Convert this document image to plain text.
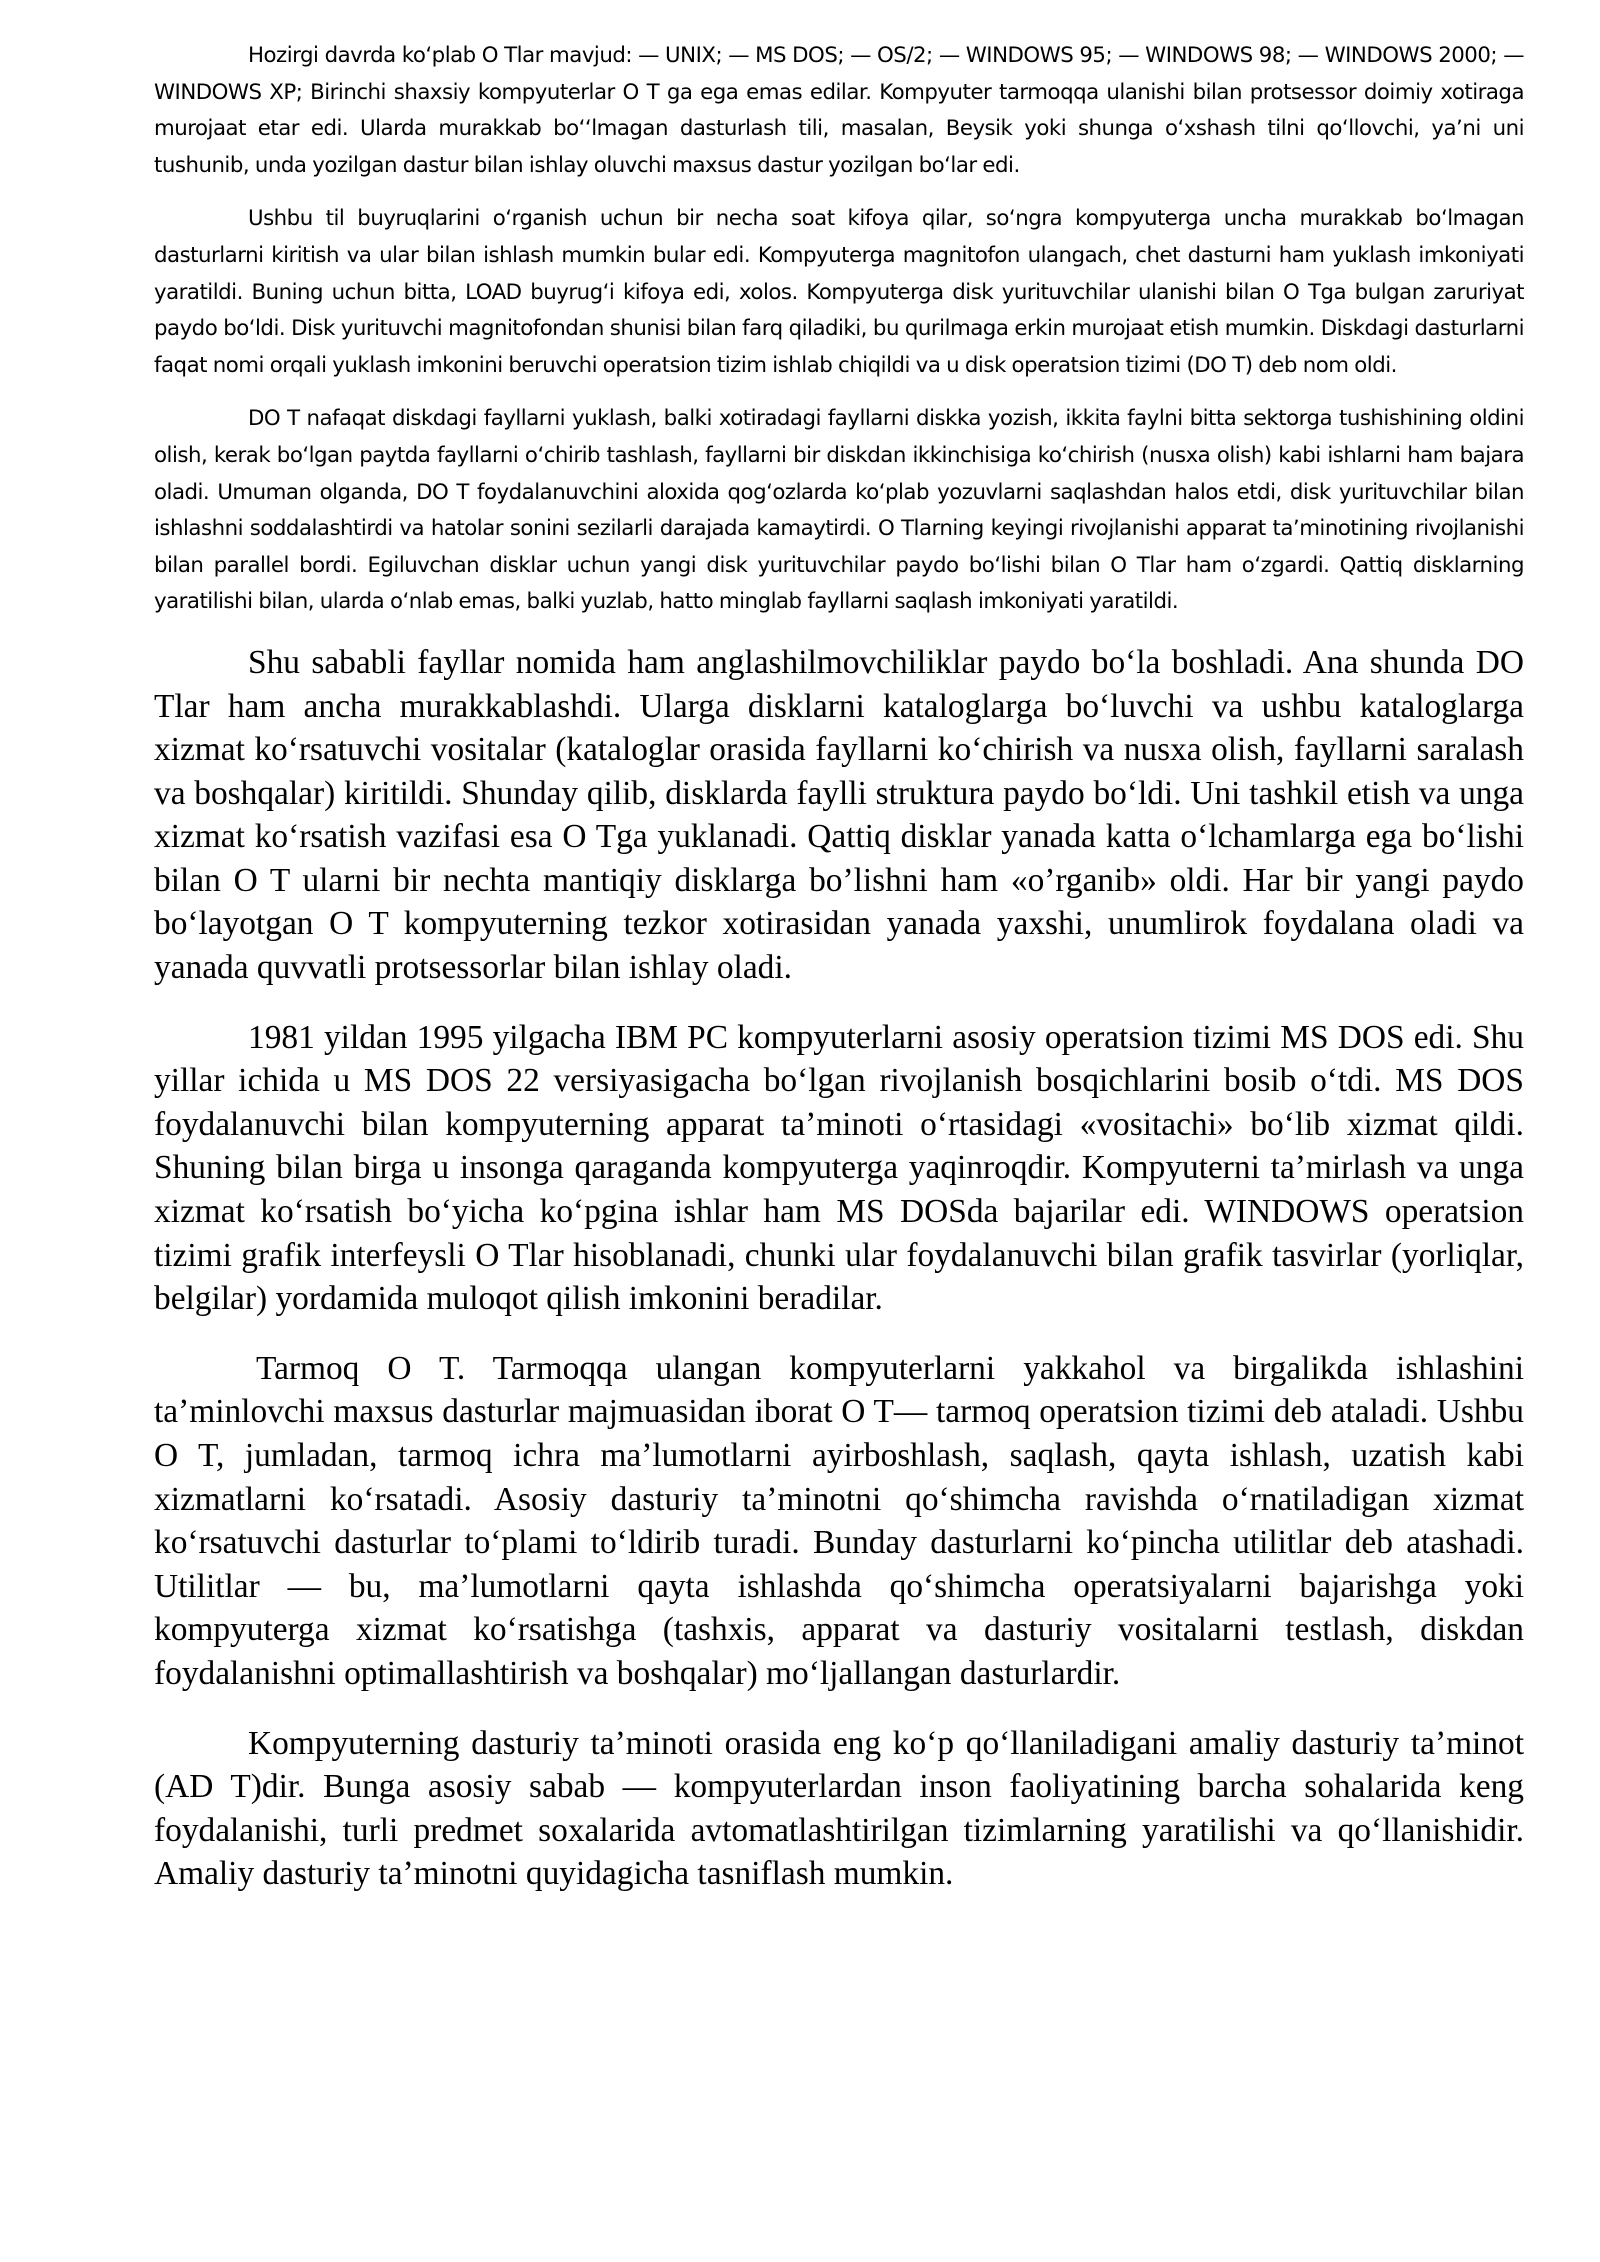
Hozirgi davrda koʻplab O Tlar mavjud: — UNIX; — MS DOS; — OS/2; — WINDOWS 95; — WINDOWS 98; — WINDOWS 2000; — WINDOWS XP; Birinchi shaxsiy kompyuterlar O T ga ega emas edilar. Kompyuter tarmoqqa ulanishi bilan protsessor doimiy xotiraga murojaat etar edi. Ularda murakkab boʻʻlmagan dasturlash tili, masalan, Beysik yoki shunga oʻxshash tilni qoʻllovchi, yaʼni uni tushunib, unda yozilgan dastur bilan ishlay oluvchi maxsus dastur yozilgan boʻlar edi.

Ushbu til buyruqlarini oʻrganish uchun bir necha soat kifoya qilar, soʻngra kompyuterga uncha murakkab boʻlmagan dasturlarni kiritish va ular bilan ishlash mumkin bular edi. Kompyuterga magnitofon ulangach, chet dasturni ham yuklash imkoniyati yaratildi. Buning uchun bitta, LOAD buyrugʻi kifoya edi, xolos. Kompyuterga disk yurituvchilar ulanishi bilan O Tga bulgan zaruriyat paydo boʻldi. Disk yurituvchi magnitofondan shunisi bilan farq qiladiki, bu qurilmaga erkin murojaat etish mumkin. Diskdagi dasturlarni faqat nomi orqali yuklash imkonini beruvchi operatsion tizim ishlab chiqildi va u disk operatsion tizimi (DO T) deb nom oldi.

DO T nafaqat diskdagi fayllarni yuklash, balki xotiradagi fayllarni diskka yozish, ikkita faylni bitta sektorga tushishining oldini olish, kerak boʻlgan paytda fayllarni oʻchirib tashlash, fayllarni bir diskdan ikkinchisiga koʻchirish (nusxa olish) kabi ishlarni ham bajara oladi. Umuman olganda, DO T foydalanuvchini aloxida qogʻozlarda koʻplab yozuvlarni saqlashdan halos etdi, disk yurituvchilar bilan ishlashni soddalashtirdi va hatolar sonini sezilarli darajada kamaytirdi. O Tlarning keyingi rivojlanishi apparat taʼminotining rivojlanishi bilan parallel bordi. Egiluvchan disklar uchun yangi disk yurituvchilar paydo boʻlishi bilan O Tlar ham oʻzgardi. Qattiq disklarning yaratilishi bilan, ularda oʻnlab emas, balki yuzlab, hatto minglab fayllarni saqlash imkoniyati yaratildi.

Shu sababli fayllar nomida ham anglashilmovchiliklar paydo boʻla boshladi. Ana shunda DO Tlar ham ancha murakkablashdi. Ularga disklarni kataloglarga boʻluvchi va ushbu kataloglarga xizmat koʻrsatuvchi vositalar (kataloglar orasida fayllarni koʻchirish va nusxa olish, fayllarni saralash va boshqalar) kiritildi. Shunday qilib, disklarda faylli struktura paydo boʻldi. Uni tashkil etish va unga xizmat koʻrsatish vazifasi esa O Tga yuklanadi. Qattiq disklar yanada katta oʻlchamlarga ega boʻlishi bilan O T ularni bir nechta mantiqiy disklarga bo’lishni ham «o’rganib» oldi. Har bir yangi paydo boʻlayotgan O T kompyuterning tezkor xotirasidan yanada yaxshi, unumlirok foydalana oladi va yanada quvvatli protsessorlar bilan ishlay oladi.

1981 yildan 1995 yilgacha IBM PC kompyuterlarni asosiy operatsion tizimi MS DOS edi. Shu yillar ichida u MS DOS 22 versiyasigacha boʻlgan rivojlanish bosqichlarini bosib oʻtdi. MS DOS foydalanuvchi bilan kompyuterning apparat taʼminoti oʻrtasidagi «vositachi» boʻlib xizmat qildi. Shuning bilan birga u insonga qaraganda kompyuterga yaqinroqdir. Kompyuterni taʼmirlash va unga xizmat koʻrsatish boʻyicha koʻpgina ishlar ham MS DOSda bajarilar edi. WINDOWS operatsion tizimi grafik interfeysli O Tlar hisoblanadi, chunki ular foydalanuvchi bilan grafik tasvirlar (yorliqlar, belgilar) yordamida muloqot qilish imkonini beradilar.

Tarmoq O T. Tarmoqqa ulangan kompyuterlarni yakkahol va birgalikda ishlashini taʼminlovchi maxsus dasturlar majmuasidan iborat O T— tarmoq operatsion tizimi deb ataladi. Ushbu O T, jumladan, tarmoq ichra maʼlumotlarni ayirboshlash, saqlash, qayta ishlash, uzatish kabi xizmatlarni koʻrsatadi. Asosiy dasturiy taʼminotni qoʻshimcha ravishda oʻrnatiladigan xizmat koʻrsatuvchi dasturlar toʻplami toʻldirib turadi. Bunday dasturlarni koʻpincha utilitlar deb atashadi. Utilitlar — bu, maʼlumotlarni qayta ishlashda qoʻshimcha operatsiyalarni bajarishga yoki kompyuterga xizmat koʻrsatishga (tashxis, apparat va dasturiy vositalarni testlash, diskdan foydalanishni optimallashtirish va boshqalar) moʻljallangan dasturlardir.

Kompyuterning dasturiy taʼminoti orasida eng koʻp qoʻllaniladigani amaliy dasturiy taʼminot (AD T)dir. Bunga asosiy sabab — kompyuterlardan inson faoliyatining barcha sohalarida keng foydalanishi, turli predmet soxalarida avtomatlashtirilgan tizimlarning yaratilishi va qoʻllanishidir. Amaliy dasturiy taʼminotni quyidagicha tasniflash mumkin.
